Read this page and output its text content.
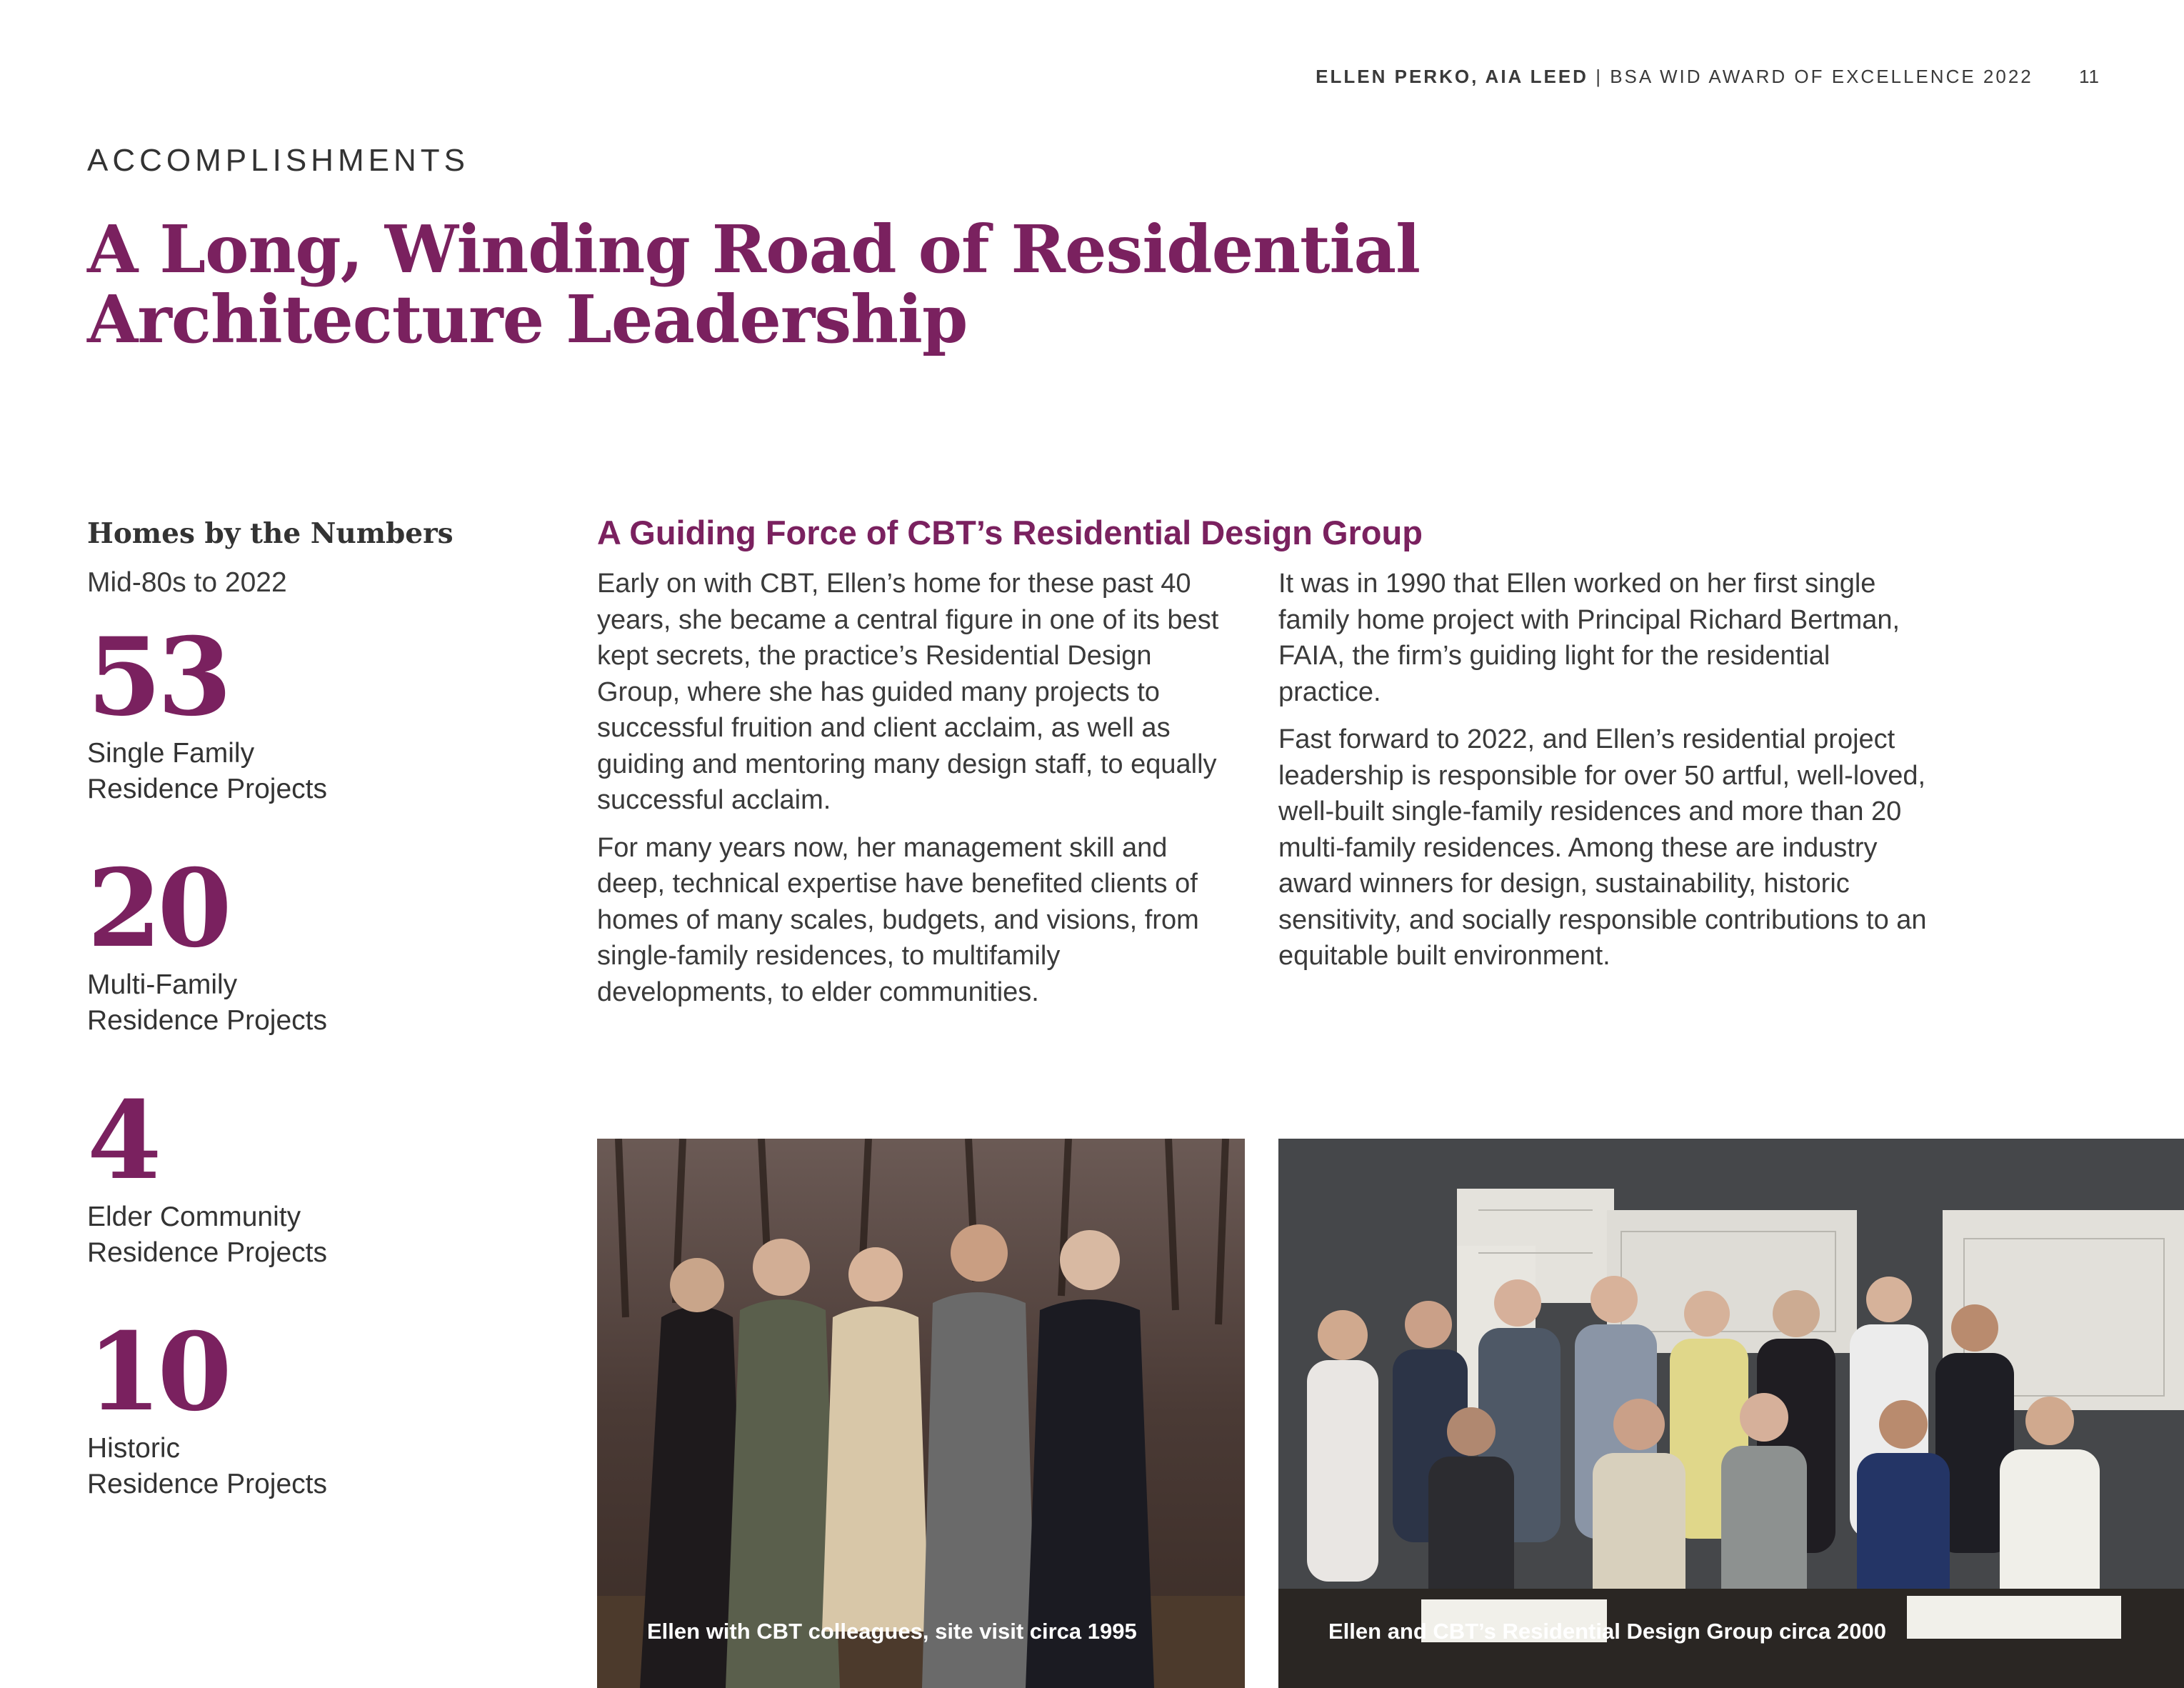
ELLEN PERKO, AIA LEED | BSA WID AWARD OF EXCELLENCE 2022 11
ACCOMPLISHMENTS
A Long, Winding Road of Residential
Architecture Leadership
Homes by the Numbers
Mid-80s to 2022
53
Single Family
Residence Projects
20
Multi-Family
Residence Projects
4
Elder Community
Residence Projects
10
Historic
Residence Projects
A Guiding Force of CBT’s Residential Design Group

Early on with CBT, Ellen’s home for these past 40 years, she became a central figure in one of its best kept secrets, the practice’s Residential Design Group, where she has guided many projects to successful fruition and client acclaim, as well as guiding and mentoring many design staff, to equally successful acclaim.

For many years now, her management skill and deep, technical expertise have benefited clients of homes of many scales, budgets, and visions, from single-family residences, to multifamily developments, to elder communities.

It was in 1990 that Ellen worked on her first single family home project with Principal Richard Bertman, FAIA, the firm’s guiding light for the residential practice.

Fast forward to 2022, and Ellen’s residential project leadership is responsible for over 50 artful, well-loved, well-built single-family residences and more than 20 multi-family residences. Among these are industry award winners for design, sustainability, historic sensitivity, and socially responsible contributions to an equitable built environment.

Ellen with CBT colleagues, site visit circa 1995	Ellen and CBT’s Residential Design Group circa 2000
